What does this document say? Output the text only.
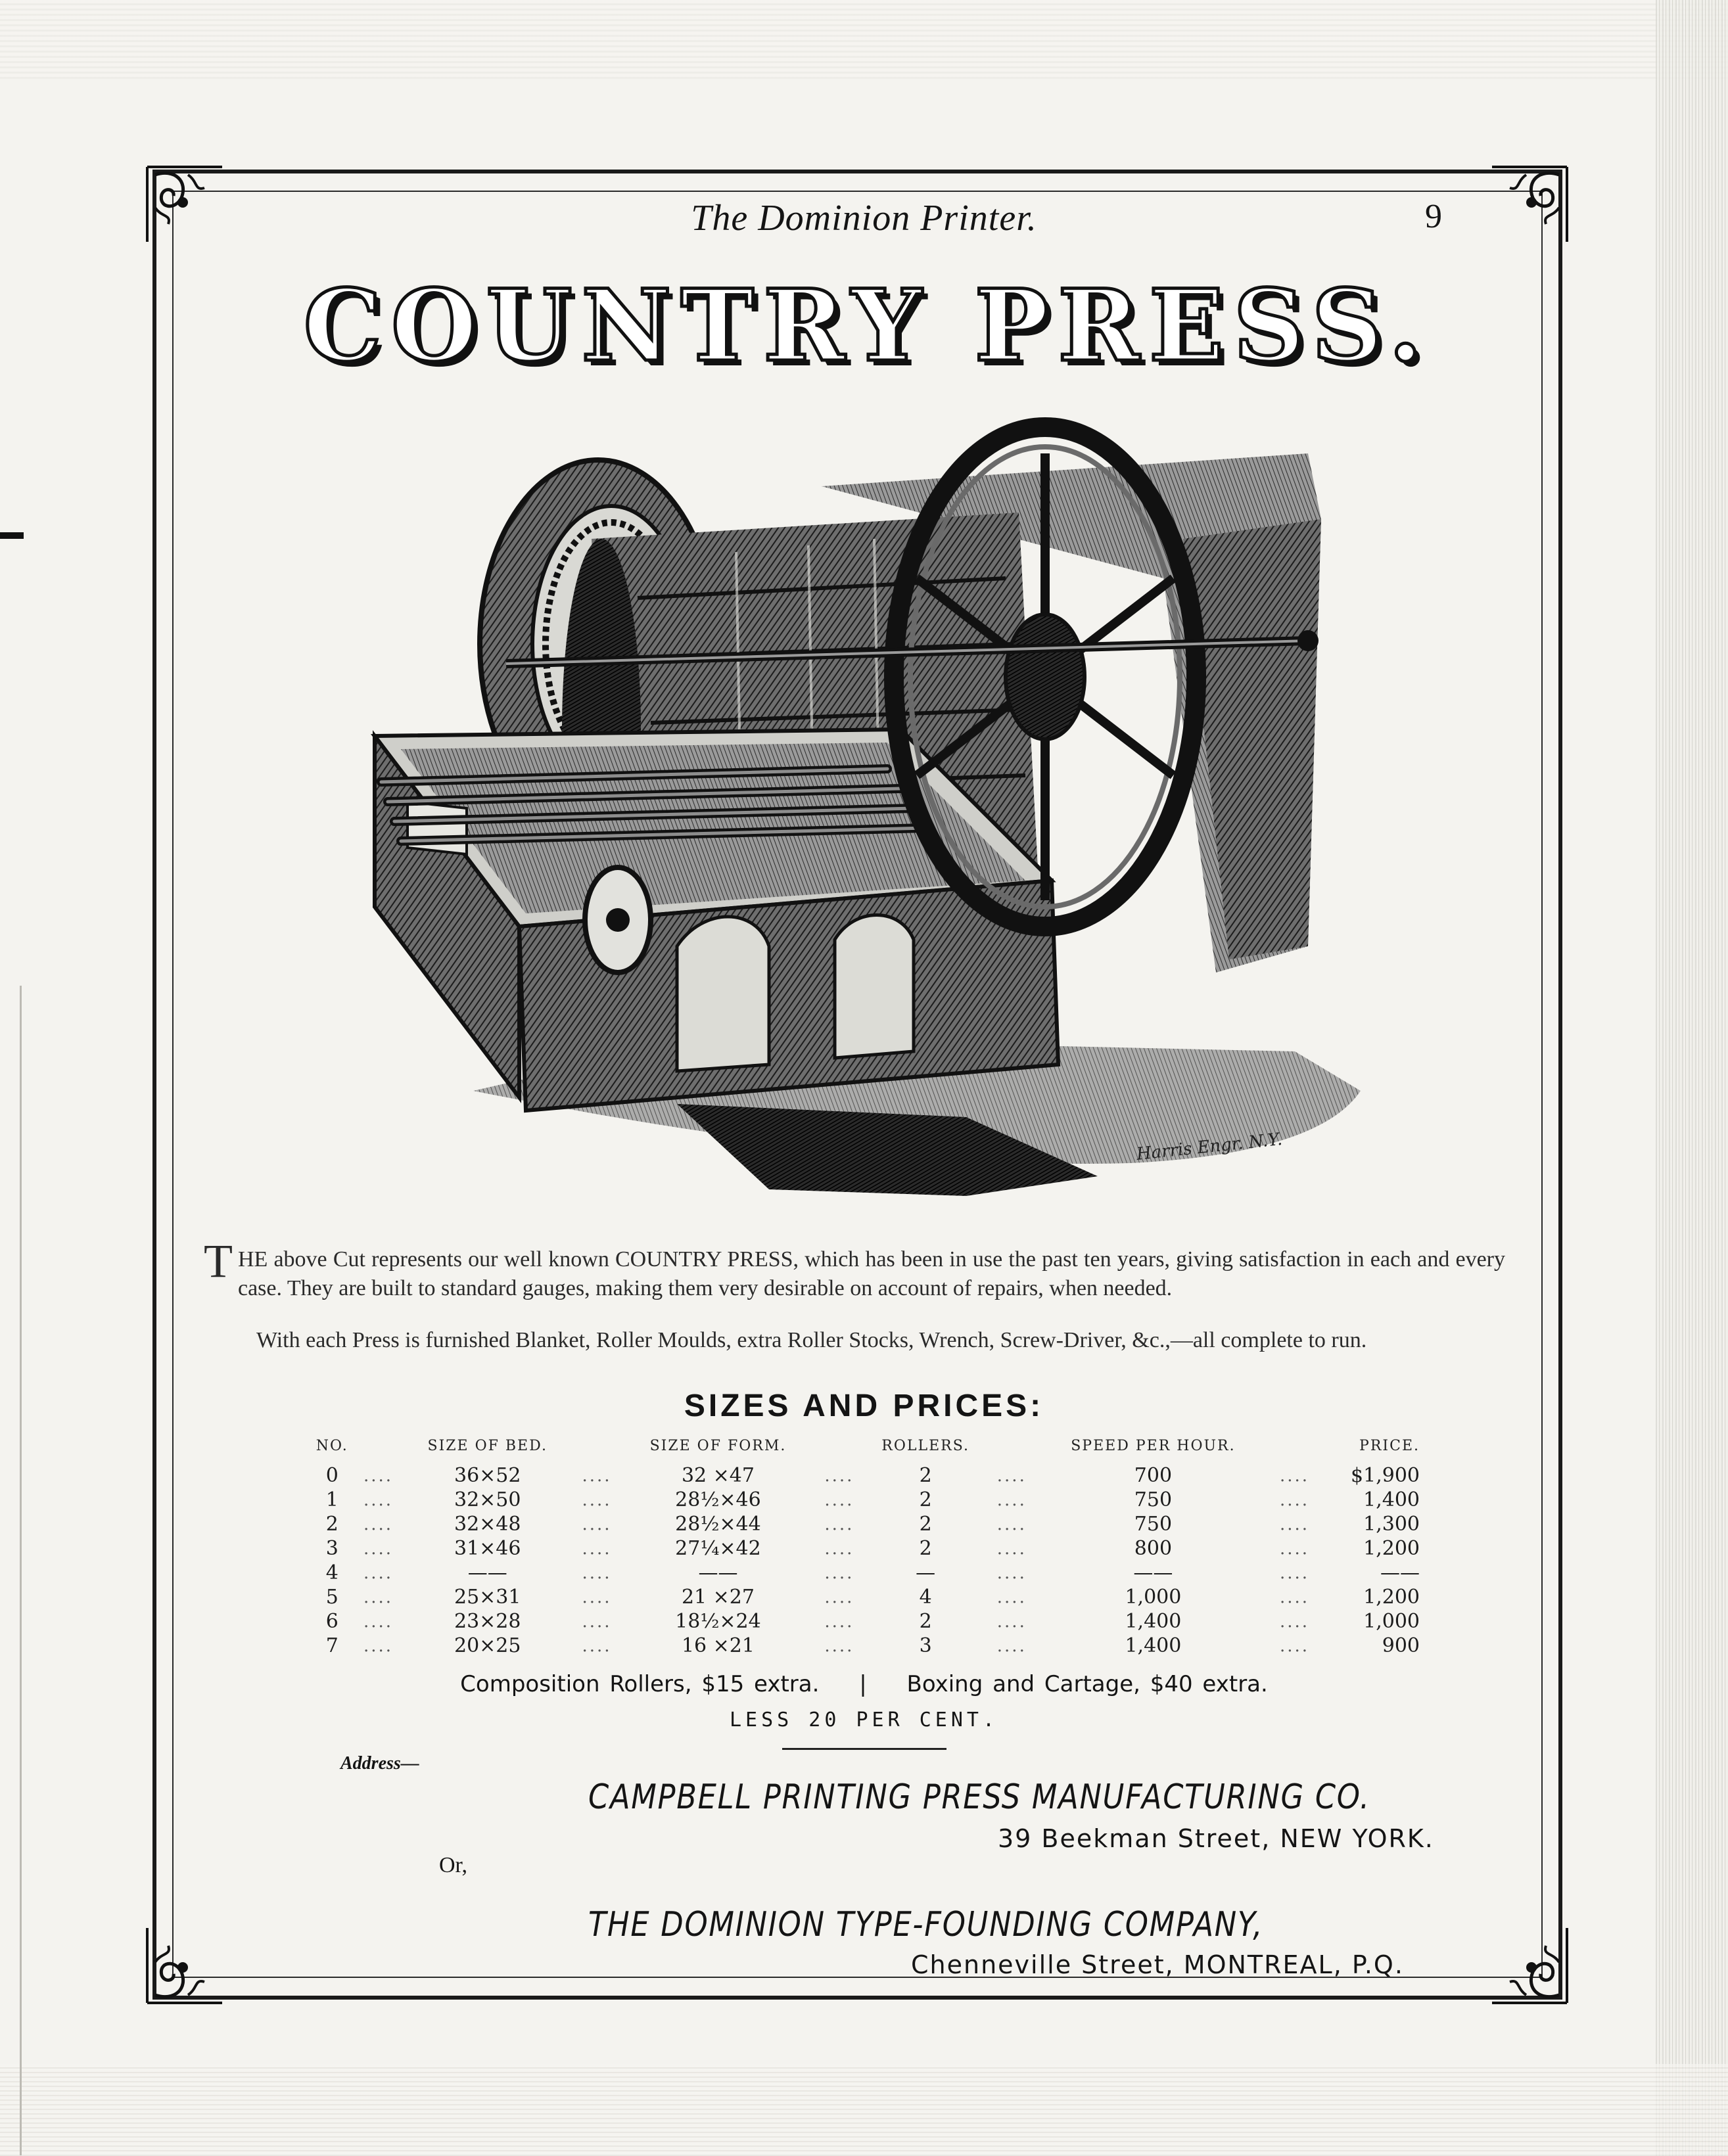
The Dominion Printer.	9
COUNTRY PRESS.
Harris Engr. N.Y.
T HE above Cut represents our well known COUNTRY PRESS, which has been in use the past ten years, giving satisfaction in each and every case. They are built to standard gauges, making them very desirable on account of repairs, when needed.
With each Press is furnished Blanket, Roller Moulds, extra Roller Stocks, Wrench, Screw-Driver, &c.,—all complete to run.
SIZES AND PRICES:
NO.		SIZE OF BED.		SIZE OF FORM.		ROLLERS.		SPEED PER HOUR.		PRICE.
0	....	36×52	....	32 ×47	....	2	....	700	....	$1,900
1	....	32×50	....	28½×46	....	2	....	750	....	1,400
2	....	32×48	....	28½×44	....	2	....	750	....	1,300
3	....	31×46	....	27¼×42	....	2	....	800	....	1,200
4	....	——	....	——	....	—	....	——	....	——
5	....	25×31	....	21 ×27	....	4	....	1,000	....	1,200
6	....	23×28	....	18½×24	....	2	....	1,400	....	1,000
7	....	20×25	....	16 ×21	....	3	....	1,400	....	900
Composition Rollers, $15 extra. | Boxing and Cartage, $40 extra.
LESS 20 PER CENT.
Address—
CAMPBELL PRINTING PRESS MANUFACTURING CO.
39 Beekman Street, NEW YORK.
Or,
THE DOMINION TYPE-FOUNDING COMPANY,
Chenneville Street, MONTREAL, P.Q.
